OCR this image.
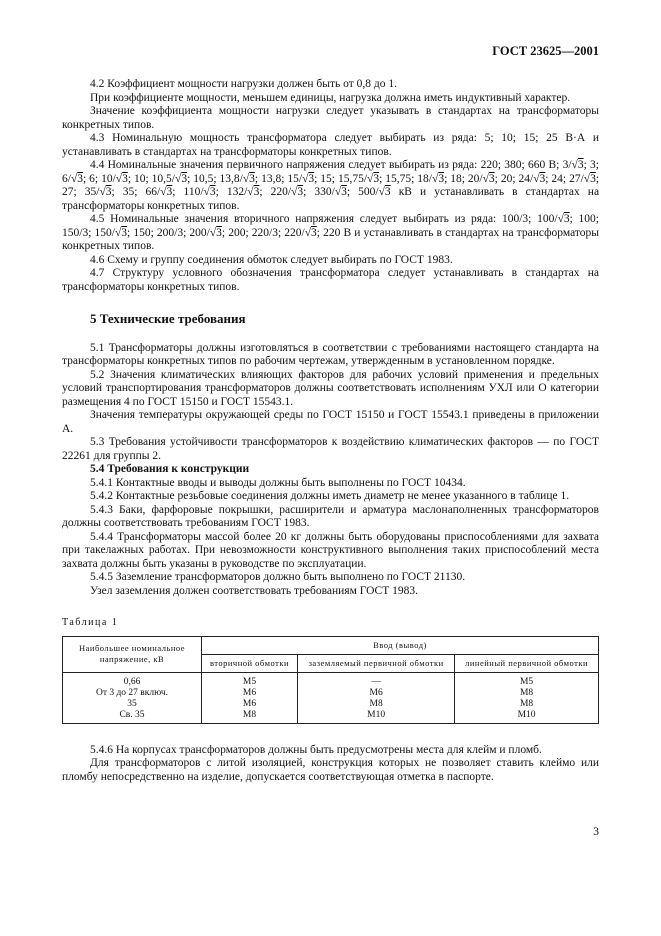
ГОСТ 23625—2001

4.2 Коэффициент мощности нагрузки должен быть от 0,8 до 1.

При коэффициенте мощности, меньшем единицы, нагрузка должна иметь индуктивный характер.

Значение коэффициента мощности нагрузки следует указывать в стандартах на трансформаторы конкретных типов.

4.3 Номинальную мощность трансформатора следует выбирать из ряда: 5; 10; 15; 25 В·А и устанавливать в стандартах на трансформаторы конкретных типов.

4.4 Номинальные значения первичного напряжения следует выбирать из ряда: 220; 380; 660 В; 3/√3; 3; 6/√3; 6; 10/√3; 10; 10,5/√3; 10,5; 13,8/√3; 13,8; 15/√3; 15; 15,75/√3; 15,75; 18/√3; 18; 20/√3; 20; 24/√3; 24; 27/√3; 27; 35/√3; 35; 66/√3; 110/√3; 132/√3; 220/√3; 330/√3; 500/√3 кВ и устанавливать в стандартах на трансформаторы конкретных типов.

4.5 Номинальные значения вторичного напряжения следует выбирать из ряда: 100/3; 100/√3; 100; 150/3; 150/√3; 150; 200/3; 200/√3; 200; 220/3; 220/√3; 220 В и устанавливать в стандартах на трансформаторы конкретных типов.

4.6 Схему и группу соединения обмоток следует выбирать по ГОСТ 1983.

4.7 Структуру условного обозначения трансформатора следует устанавливать в стандартах на трансформаторы конкретных типов.

5 Технические требования

5.1 Трансформаторы должны изготовляться в соответствии с требованиями настоящего стандарта на трансформаторы конкретных типов по рабочим чертежам, утвержденным в установленном порядке.

5.2 Значения климатических влияющих факторов для рабочих условий применения и предельных условий транспортирования трансформаторов должны соответствовать исполнениям УХЛ или О категории размещения 4 по ГОСТ 15150 и ГОСТ 15543.1.

Значения температуры окружающей среды по ГОСТ 15150 и ГОСТ 15543.1 приведены в приложении А.

5.3 Требования устойчивости трансформаторов к воздействию климатических факторов — по ГОСТ 22261 для группы 2.

5.4 Требования к конструкции

5.4.1 Контактные вводы и выводы должны быть выполнены по ГОСТ 10434.

5.4.2 Контактные резьбовые соединения должны иметь диаметр не менее указанного в таблице 1.

5.4.3 Баки, фарфоровые покрышки, расширители и арматура маслонаполненных трансформаторов должны соответствовать требованиям ГОСТ 1983.

5.4.4 Трансформаторы массой более 20 кг должны быть оборудованы приспособлениями для захвата при такелажных работах. При невозможности конструктивного выполнения таких приспособлений места захвата должны быть указаны в руководстве по эксплуатации.

5.4.5 Заземление трансформаторов должно быть выполнено по ГОСТ 21130.

Узел заземления должен соответствовать требованиям ГОСТ 1983.

Таблица 1
Наибольшее номинальное напряжение, кВ	Ввод (вывод)		
	вторичной обмотки	заземляемый первичной обмотки	линейный первичной обмотки
0,66	М5	—	М5
От 3 до 27 включ.	М6	М6	М8
35	М6	М8	М8
Св. 35	М8	М10	М10

5.4.6 На корпусах трансформаторов должны быть предусмотрены места для клейм и пломб.

Для трансформаторов с литой изоляцией, конструкция которых не позволяет ставить клеймо или пломбу непосредственно на изделие, допускается соответствующая отметка в паспорте.

3
